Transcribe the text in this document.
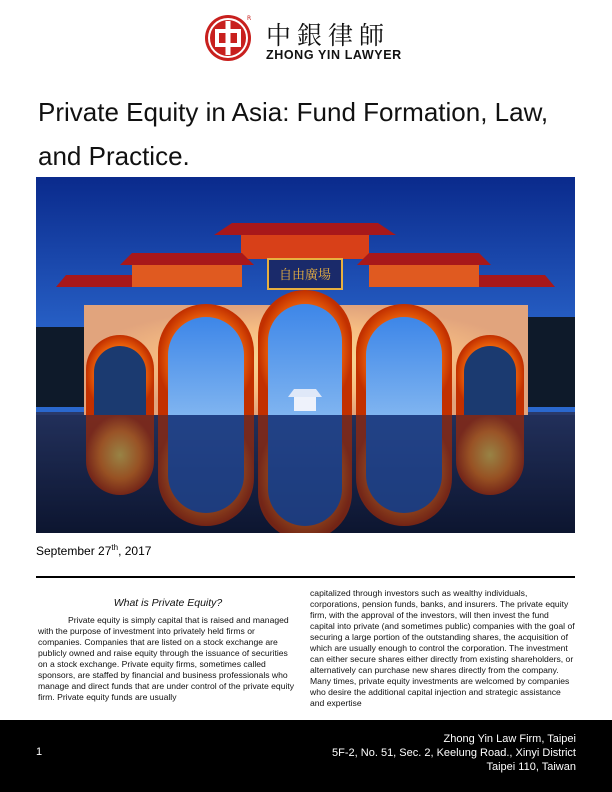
R
中銀律師
ZHONG YIN LAWYER
Private Equity in Asia: Fund Formation, Law, and Practice.
自由廣場
September 27th, 2017

What is Private Equity?

Private equity is simply capital that is raised and managed with the purpose of investment into privately held firms or companies. Companies that are listed on a stock exchange are publicly owned and raise equity through the issuance of securities on a stock exchange. Private equity firms, sometimes called sponsors, are staffed by financial and business professionals who manage and direct funds that are under control of the private equity firm. Private equity funds are usually

capitalized through investors such as wealthy individuals, corporations, pension funds, banks, and insurers. The private equity firm, with the approval of the investors, will then invest the fund capital into private (and sometimes public) companies with the goal of securing a large portion of the outstanding shares, the acquisition of which are usually enough to control the corporation. The investment can either secure shares either directly from existing shareholders, or alternatively can purchase new shares directly from the company. Many times, private equity investments are welcomed by companies who desire the additional capital injection and strategic assistance and expertise

1
Zhong Yin Law Firm, Taipei
5F-2, No. 51, Sec. 2, Keelung Road., Xinyi District
Taipei 110, Taiwan
